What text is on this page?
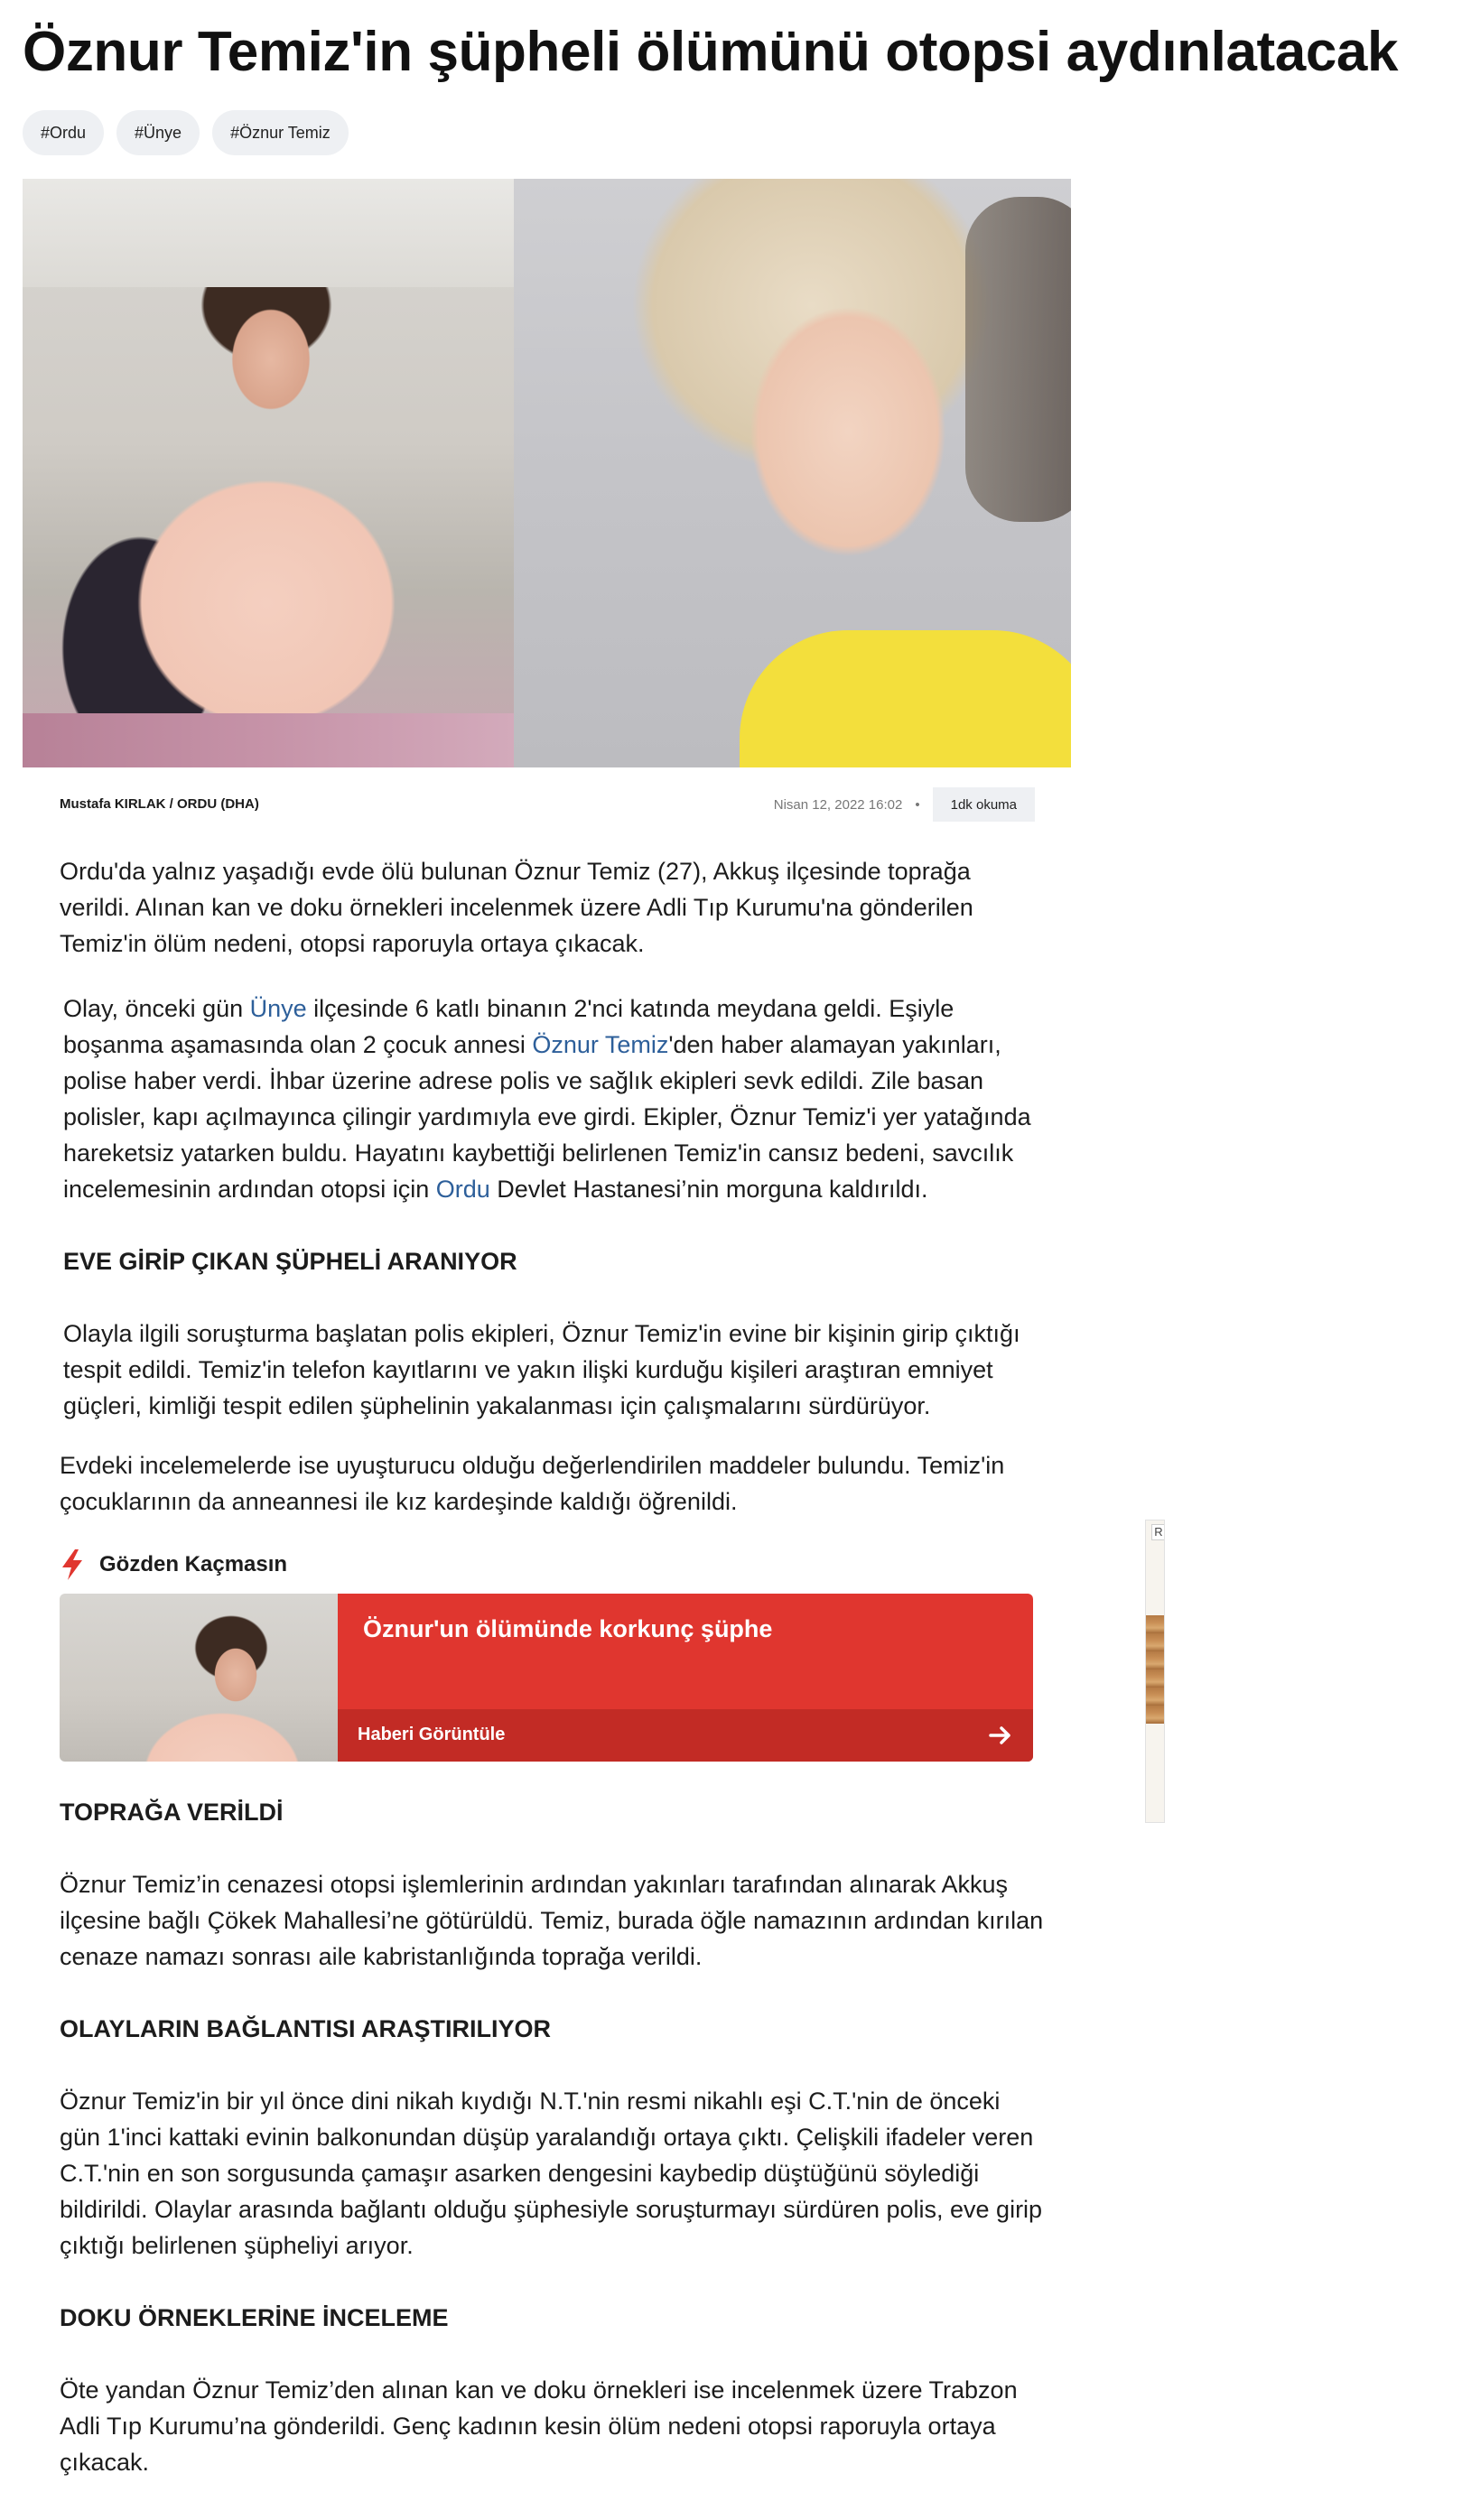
Öznur Temiz'in şüpheli ölümünü otopsi aydınlatacak
#Ordu	#Ünye	#Öznur Temiz
Mustafa KIRLAK / ORDU (DHA)	Nisan 12, 2022 16:02 •	1dk okuma

Ordu'da yalnız yaşadığı evde ölü bulunan Öznur Temiz (27), Akkuş ilçesinde toprağa verildi. Alınan kan ve doku örnekleri incelenmek üzere Adli Tıp Kurumu'na gönderilen Temiz'in ölüm nedeni, otopsi raporuyla ortaya çıkacak.

Olay, önceki gün Ünye ilçesinde 6 katlı binanın 2'nci katında meydana geldi. Eşiyle boşanma aşamasında olan 2 çocuk annesi Öznur Temiz'den haber alamayan yakınları, polise haber verdi. İhbar üzerine adrese polis ve sağlık ekipleri sevk edildi. Zile basan polisler, kapı açılmayınca çilingir yardımıyla eve girdi. Ekipler, Öznur Temiz'i yer yatağında hareketsiz yatarken buldu. Hayatını kaybettiği belirlenen Temiz'in cansız bedeni, savcılık incelemesinin ardından otopsi için Ordu Devlet Hastanesi’nin morguna kaldırıldı.

EVE GİRİP ÇIKAN ŞÜPHELİ ARANIYOR

Olayla ilgili soruşturma başlatan polis ekipleri, Öznur Temiz'in evine bir kişinin girip çıktığı tespit edildi. Temiz'in telefon kayıtlarını ve yakın ilişki kurduğu kişileri araştıran emniyet güçleri, kimliği tespit edilen şüphelinin yakalanması için çalışmalarını sürdürüyor.

Evdeki incelemelerde ise uyuşturucu olduğu değerlendirilen maddeler bulundu. Temiz'in çocuklarının da anneannesi ile kız kardeşinde kaldığı öğrenildi.

Gözden Kaçmasın
Öznur'un ölümünde korkunç şüphe
Haberi Görüntüle
TOPRAĞA VERİLDİ

Öznur Temiz’in cenazesi otopsi işlemlerinin ardından yakınları tarafından alınarak Akkuş ilçesine bağlı Çökek Mahallesi’ne götürüldü. Temiz, burada öğle namazının ardından kırılan cenaze namazı sonrası aile kabristanlığında toprağa verildi.

OLAYLARIN BAĞLANTISI ARAŞTIRILIYOR

Öznur Temiz'in bir yıl önce dini nikah kıydığı N.T.'nin resmi nikahlı eşi C.T.'nin de önceki gün 1'inci kattaki evinin balkonundan düşüp yaralandığı ortaya çıktı. Çelişkili ifadeler veren C.T.'nin en son sorgusunda çamaşır asarken dengesini kaybedip düştüğünü söylediği bildirildi. Olaylar arasında bağlantı olduğu şüphesiyle soruşturmayı sürdüren polis, eve girip çıktığı belirlenen şüpheliyi arıyor.

DOKU ÖRNEKLERİNE İNCELEME

Öte yandan Öznur Temiz’den alınan kan ve doku örnekleri ise incelenmek üzere Trabzon Adli Tıp Kurumu’na gönderildi. Genç kadının kesin ölüm nedeni otopsi raporuyla ortaya çıkacak.

R
